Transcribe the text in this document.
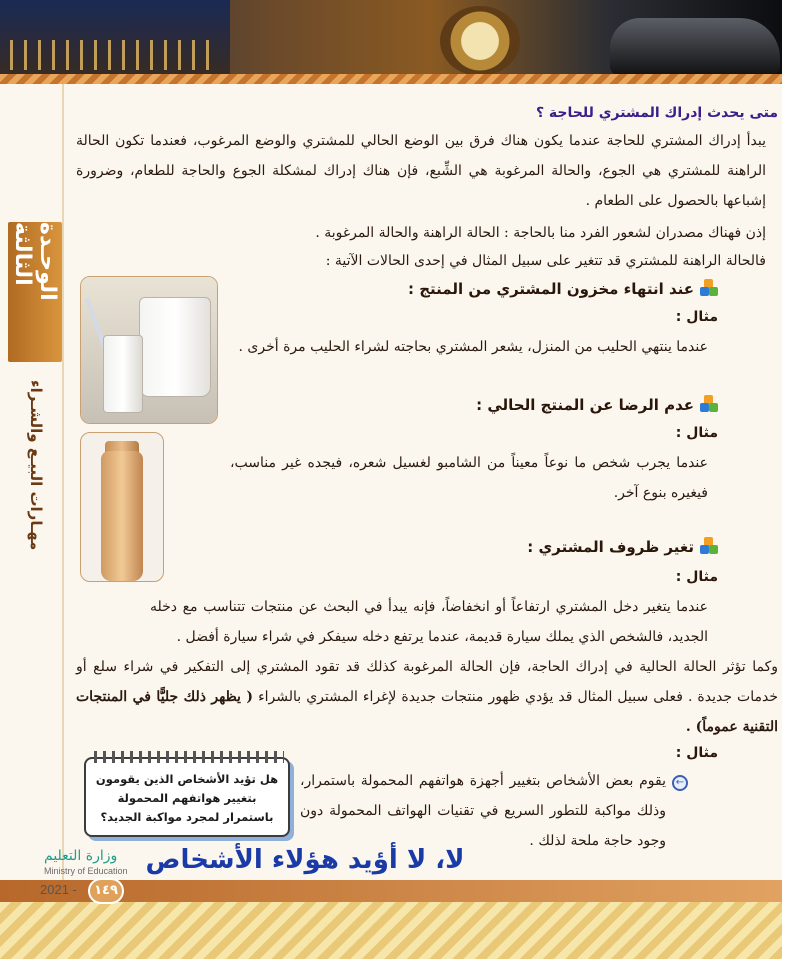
الوحـدة الثالثة
مهـارات البيـع والشـراء
متى يحدث إدراك المشتري للحاجة ؟
يبدأ إدراك المشتري للحاجة عندما يكون هناك فرق بين الوضع الحالي للمشتري والوضع المرغوب، فعندما تكون الحالة الراهنة للمشتري هي الجوع، والحالة المرغوبة هي الشِّبع، فإن هناك إدراك لمشكلة الجوع والحاجة للطعام، وضرورة إشباعها بالحصول على الطعام .
إذن فهناك مصدران لشعور الفرد منا بالحاجة : الحالة الراهنة والحالة المرغوبة .
فالحالة الراهنة للمشتري قد تتغير على سبيل المثال في إحدى الحالات الآتية :
عند انتهاء مخزون المشتري من المنتج :
مثال :
عندما ينتهي الحليب من المنزل، يشعر المشتري بحاجته لشراء الحليب مرة أخرى .
عدم الرضا عن المنتج الحالي :
مثال :
عندما يجرب شخص ما نوعاً معيناً من الشامبو لغسيل شعره، فيجده غير مناسب، فيغيره بنوع آخر.
تغير ظروف المشتري :
مثال :
عندما يتغير دخل المشتري ارتفاعاً أو انخفاضاً، فإنه يبدأ في البحث عن منتجات تتناسب مع دخله الجديد، فالشخص الذي يملك سيارة قديمة، عندما يرتفع دخله سيفكر في شراء سيارة أفضل .
وكما تؤثر الحالة الحالية في إدراك الحاجة، فإن الحالة المرغوبة كذلك قد تقود المشتري إلى التفكير في شراء سلع أو خدمات جديدة . فعلى سبيل المثال قد يؤدي ظهور منتجات جديدة لإغراء المشتري بالشراء ( يظهر ذلك جليًّا في المنتجات التقنية عموماً) .
مثال :
←
يقوم بعض الأشخاص بتغيير أجهزة هواتفهم المحمولة باستمرار، وذلك مواكبة للتطور السريع في تقنيات الهواتف المحمولة دون وجود حاجة ملحة لذلك .
هل تؤيد الأشخاص الذين يقومون بتغيير هواتفهم المحمولة باستمرار لمجرد مواكبة الجديد؟
لا، لا أؤيد هؤلاء الأشخاص
وزارة التعليم
Ministry of Education
2021 -	١٤٩
